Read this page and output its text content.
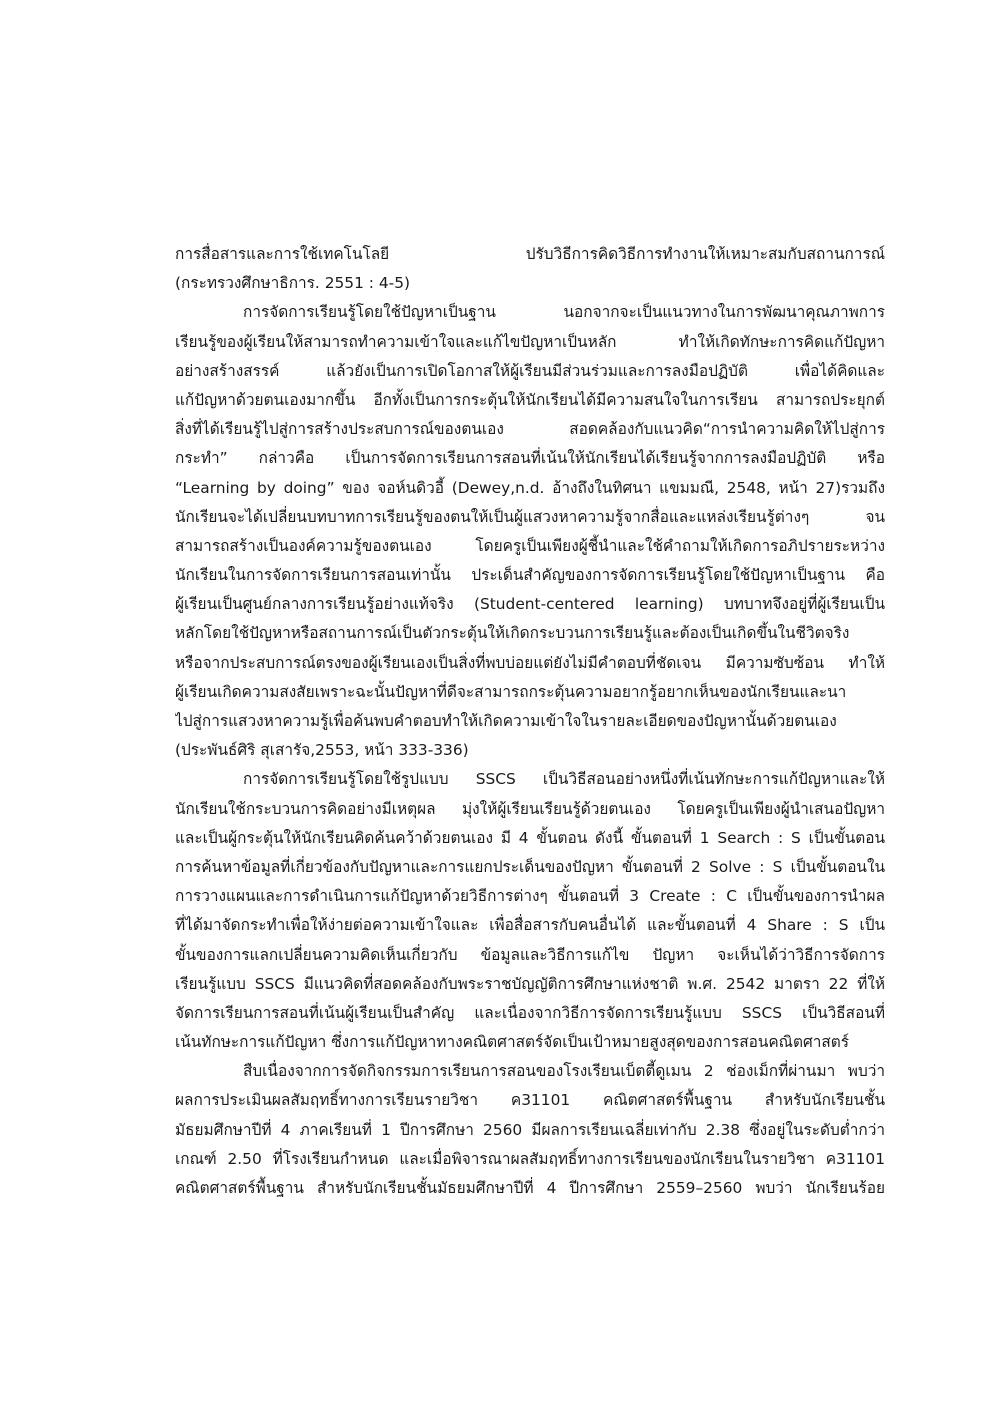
การสื่อสารและการใช้เทคโนโลยี ปรับวิธีการคิดวิธีการทำงานให้เหมาะสมกับสถานการณ์
(กระทรวงศึกษาธิการ. 2551 : 4-5)
การจัดการเรียนรู้โดยใช้ปัญหาเป็นฐาน นอกจากจะเป็นแนวทางในการพัฒนาคุณภาพการ
เรียนรู้ของผู้เรียนให้สามารถทำความเข้าใจและแก้ไขปัญหาเป็นหลัก ทำให้เกิดทักษะการคิดแก้ปัญหา
อย่างสร้างสรรค์ แล้วยังเป็นการเปิดโอกาสให้ผู้เรียนมีส่วนร่วมและการลงมือปฏิบัติ เพื่อได้คิดและ
แก้ปัญหาด้วยตนเองมากขึ้น อีกทั้งเป็นการกระตุ้นให้นักเรียนได้มีความสนใจในการเรียน สามารถประยุกต์
สิ่งที่ได้เรียนรู้ไปสู่การสร้างประสบการณ์ของตนเอง สอดคล้องกับแนวคิด“การนำความคิดให้ไปสู่การ
กระทำ” กล่าวคือ เป็นการจัดการเรียนการสอนที่เน้นให้นักเรียนได้เรียนรู้จากการลงมือปฏิบัติ หรือ
“Learning by doing” ของ จอห์นดิวอี้ (Dewey,n.d. อ้างถึงในทิศนา แขมมณี, 2548, หน้า 27)รวมถึง
นักเรียนจะได้เปลี่ยนบทบาทการเรียนรู้ของตนให้เป็นผู้แสวงหาความรู้จากสื่อและแหล่งเรียนรู้ต่างๆ จน
สามารถสร้างเป็นองค์ความรู้ของตนเอง โดยครูเป็นเพียงผู้ชี้นำและใช้คำถามให้เกิดการอภิปรายระหว่าง
นักเรียนในการจัดการเรียนการสอนเท่านั้น ประเด็นสำคัญของการจัดการเรียนรู้โดยใช้ปัญหาเป็นฐาน คือ
ผู้เรียนเป็นศูนย์กลางการเรียนรู้อย่างแท้จริง (Student-centered learning) บทบาทจึงอยู่ที่ผู้เรียนเป็น
หลักโดยใช้ปัญหาหรือสถานการณ์เป็นตัวกระตุ้นให้เกิดกระบวนการเรียนรู้และต้องเป็นเกิดขึ้นในชีวิตจริง
หรือจากประสบการณ์ตรงของผู้เรียนเองเป็นสิ่งที่พบบ่อยแต่ยังไม่มีคำตอบที่ชัดเจน มีความซับซ้อน ทำให้
ผู้เรียนเกิดความสงสัยเพราะฉะนั้นปัญหาที่ดีจะสามารถกระตุ้นความอยากรู้อยากเห็นของนักเรียนและนา
ไปสู่การแสวงหาความรู้เพื่อค้นพบคำตอบทำให้เกิดความเข้าใจในรายละเอียดของปัญหานั้นด้วยตนเอง
(ประพันธ์ศิริ สุเสารัจ,2553, หน้า 333-336)
การจัดการเรียนรู้โดยใช้รูปแบบ SSCS เป็นวิธีสอนอย่างหนึ่งที่เน้นทักษะการแก้ปัญหาและให้
นักเรียนใช้กระบวนการคิดอย่างมีเหตุผล มุ่งให้ผู้เรียนเรียนรู้ด้วยตนเอง โดยครูเป็นเพียงผู้นำเสนอปัญหา
และเป็นผู้กระตุ้นให้นักเรียนคิดค้นคว้าด้วยตนเอง มี 4 ขั้นตอน ดังนี้ ขั้นตอนที่ 1 Search : S เป็นขั้นตอน
การค้นหาข้อมูลที่เกี่ยวข้องกับปัญหาและการแยกประเด็นของปัญหา ขั้นตอนที่ 2 Solve : S เป็นขั้นตอนใน
การวางแผนและการดำเนินการแก้ปัญหาด้วยวิธีการต่างๆ ขั้นตอนที่ 3 Create : C เป็นขั้นของการนำผล
ที่ได้มาจัดกระทำเพื่อให้ง่ายต่อความเข้าใจและ เพื่อสื่อสารกับคนอื่นได้ และขั้นตอนที่ 4 Share : S เป็น
ขั้นของการแลกเปลี่ยนความคิดเห็นเกี่ยวกับ ข้อมูลและวิธีการแก้ไข ปัญหา จะเห็นได้ว่าวิธีการจัดการ
เรียนรู้แบบ SSCS มีแนวคิดที่สอดคล้องกับพระราชบัญญัติการศึกษาแห่งชาติ พ.ศ. 2542 มาตรา 22 ที่ให้
จัดการเรียนการสอนที่เน้นผู้เรียนเป็นสำคัญ และเนื่องจากวิธีการจัดการเรียนรู้แบบ SSCS เป็นวิธีสอนที่
เน้นทักษะการแก้ปัญหา ซึ่งการแก้ปัญหาทางคณิตศาสตร์จัดเป็นเป้าหมายสูงสุดของการสอนคณิตศาสตร์
สืบเนื่องจากการจัดกิจกรรมการเรียนการสอนของโรงเรียนเบ็ตตี้ดูเมน 2 ช่องเม็กที่ผ่านมา พบว่า
ผลการประเมินผลสัมฤทธิ์ทางการเรียนรายวิชา ค31101 คณิตศาสตร์พื้นฐาน สำหรับนักเรียนชั้น
มัธยมศึกษาปีที่ 4 ภาคเรียนที่ 1 ปีการศึกษา 2560 มีผลการเรียนเฉลี่ยเท่ากับ 2.38 ซึ่งอยู่ในระดับต่ำกว่า
เกณฑ์ 2.50 ที่โรงเรียนกำหนด และเมื่อพิจารณาผลสัมฤทธิ์ทางการเรียนของนักเรียนในรายวิชา ค31101
คณิตศาสตร์พื้นฐาน สำหรับนักเรียนชั้นมัธยมศึกษาปีที่ 4 ปีการศึกษา 2559–2560 พบว่า นักเรียนร้อย
